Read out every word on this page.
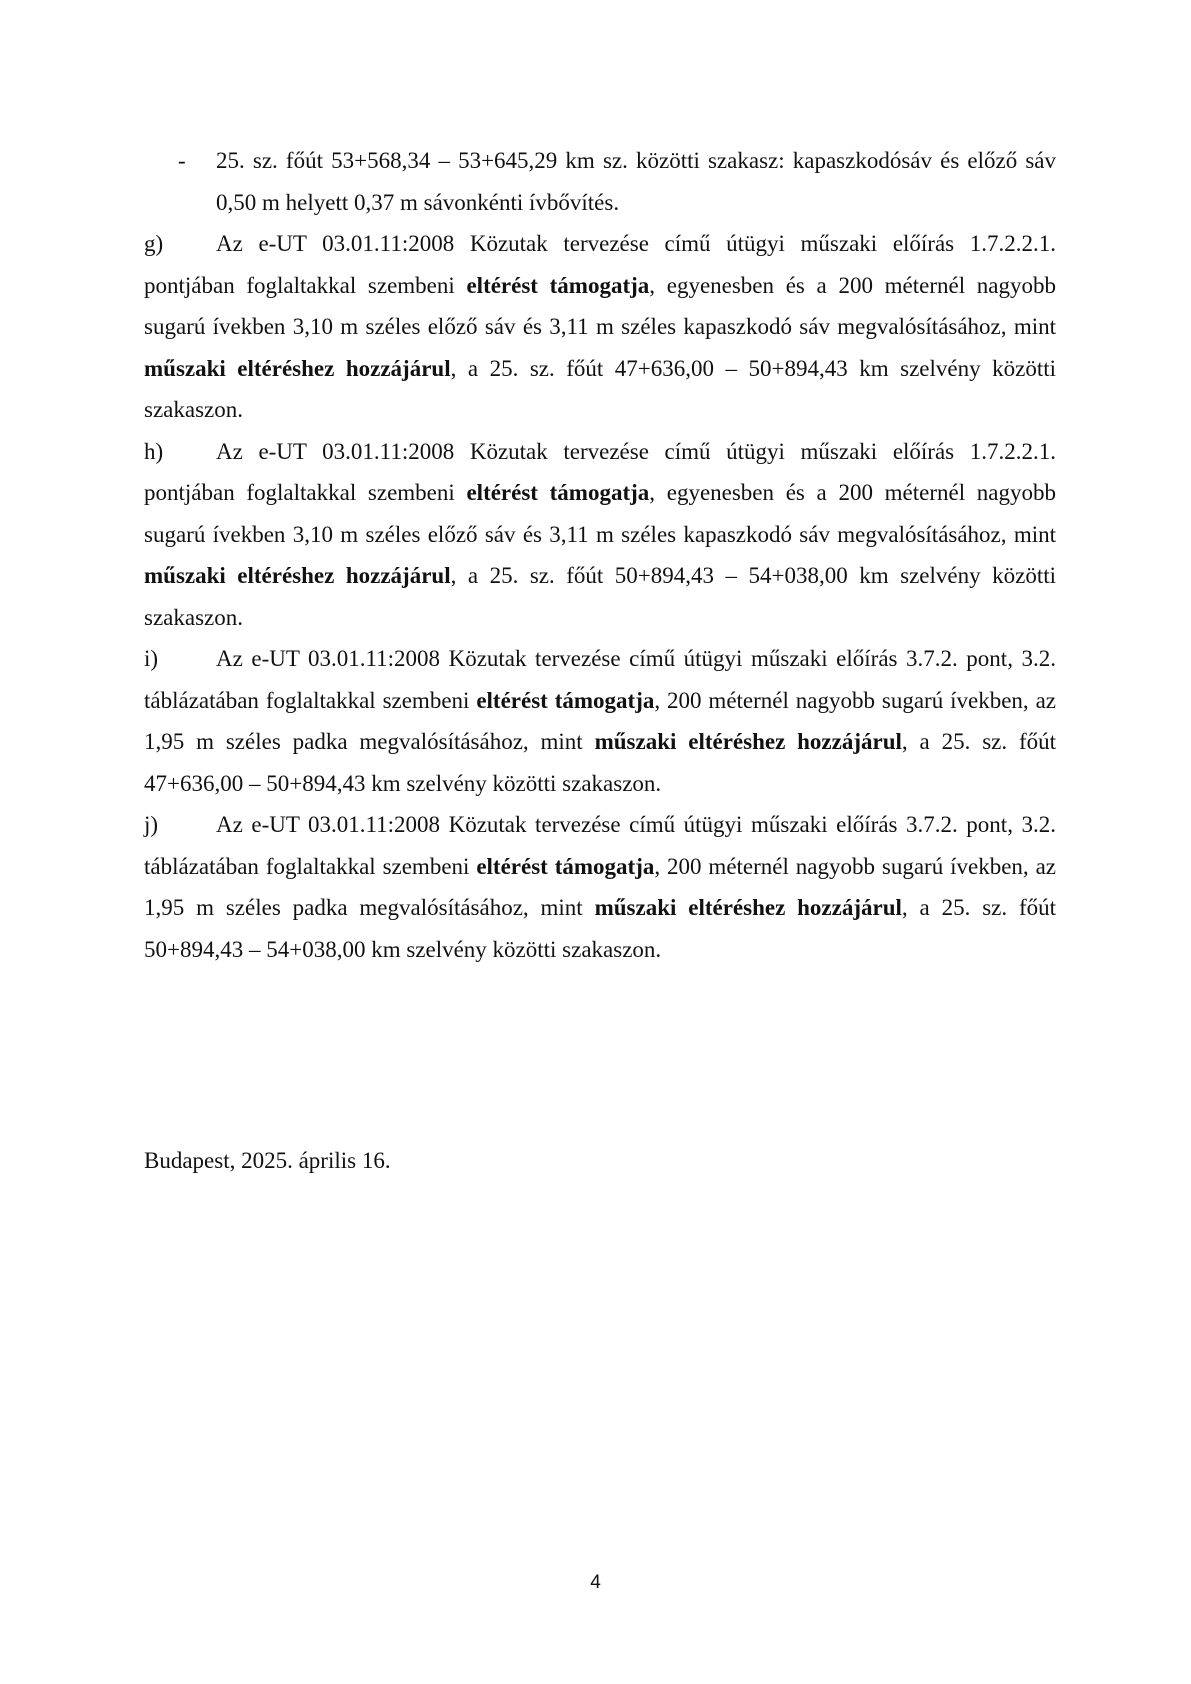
- 25. sz. főút 53+568,34 – 53+645,29 km sz. közötti szakasz: kapaszkodósáv és előző sáv 0,50 m helyett 0,37 m sávonkénti ívbővítés.

g) Az e-UT 03.01.11:2008 Közutak tervezése című útügyi műszaki előírás 1.7.2.2.1. pontjában foglaltakkal szembeni eltérést támogatja, egyenesben és a 200 méternél nagyobb sugarú ívekben 3,10 m széles előző sáv és 3,11 m széles kapaszkodó sáv megvalósításához, mint műszaki eltéréshez hozzájárul, a 25. sz. főút 47+636,00 – 50+894,43 km szelvény közötti szakaszon.

h) Az e-UT 03.01.11:2008 Közutak tervezése című útügyi műszaki előírás 1.7.2.2.1. pontjában foglaltakkal szembeni eltérést támogatja, egyenesben és a 200 méternél nagyobb sugarú ívekben 3,10 m széles előző sáv és 3,11 m széles kapaszkodó sáv megvalósításához, mint műszaki eltéréshez hozzájárul, a 25. sz. főút 50+894,43 – 54+038,00 km szelvény közötti szakaszon.

i)	Az e-UT 03.01.11:2008 Közutak tervezése című útügyi műszaki előírás 3.7.2. pont, 3.2. táblázatában foglaltakkal szembeni eltérést támogatja, 200 méternél nagyobb sugarú ívekben, az 1,95 m széles padka megvalósításához, mint műszaki eltéréshez hozzájárul, a 25. sz. főút 47+636,00 – 50+894,43 km szelvény közötti szakaszon.

j)	Az e-UT 03.01.11:2008 Közutak tervezése című útügyi műszaki előírás 3.7.2. pont, 3.2. táblázatában foglaltakkal szembeni eltérést támogatja, 200 méternél nagyobb sugarú ívekben, az 1,95 m széles padka megvalósításához, mint műszaki eltéréshez hozzájárul, a 25. sz. főút 50+894,43 – 54+038,00 km szelvény közötti szakaszon.

Budapest, 2025. április 16.
4
